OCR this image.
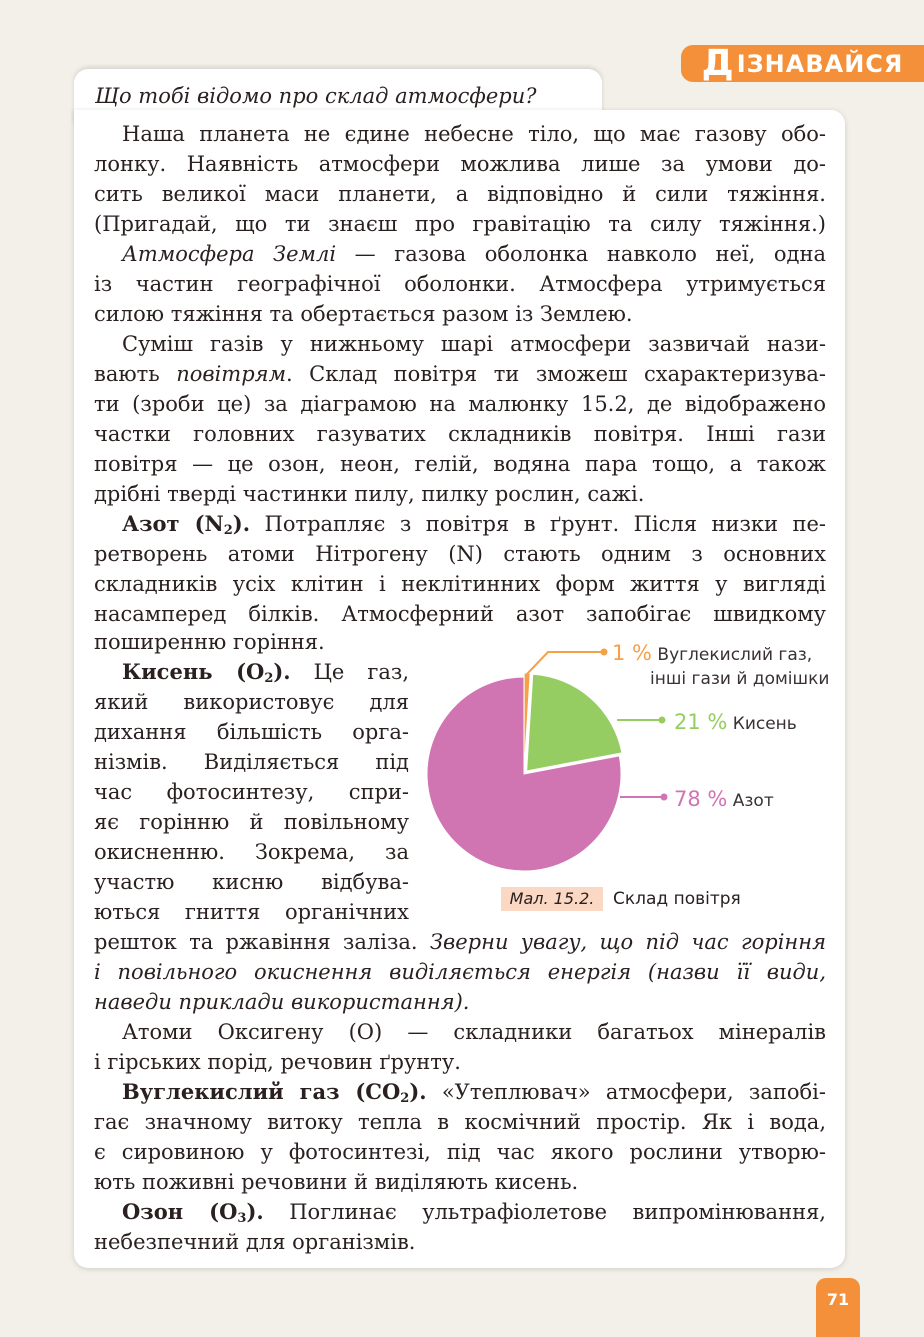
Д ІЗНАВАЙСЯ
Що тобі відомо про склад атмосфери?
Наша планета не єдине небесне тіло, що має газову обо-
лонку. Наявність атмосфери можлива лише за умови до-
сить великої маси планети, а відповідно й сили тяжіння.
(Пригадай, що ти знаєш про гравітацію та силу тяжіння.)
Атмосфера Землі — газова оболонка навколо неї, одна
із частин географічної оболонки. Атмосфера утримується
силою тяжіння та обертається разом із Землею.
Суміш газів у нижньому шарі атмосфери зазвичай нази-
вають повітрям. Склад повітря ти зможеш схарактеризува-
ти (зроби це) за діаграмою на малюнку 15.2, де відображено
частки головних газуватих складників повітря. Інші гази
повітря — це озон, неон, гелій, водяна пара тощо, а також
дрібні тверді частинки пилу, пилку рослин, сажі.
Азот $(N_2)$. Потрапляє з повітря в ґрунт. Після низки пе-
ретворень атоми Нітрогену (N) стають одним з основних
складників усіх клітин і неклітинних форм життя у вигляді
насамперед білків. Атмосферний азот запобігає швидкому
поширенню горіння.
Кисень $(O_2)$. Це газ,
який використовує для
дихання більшість орга-
нізмів. Виділяється під
час фотосинтезу, спри-
яє горінню й повільному
окисненню. Зокрема, за
участю кисню відбува-
ються гниття органічних
решток та ржавіння заліза. Зверни увагу, що під час горіння
і повільного окиснення виділяється енергія (назви її види,
наведи приклади використання).
Атоми Оксигену (O) — складники багатьох мінералів
і гірських порід, речовин ґрунту.
Вуглекислий газ $(CO_2)$. «Утеплювач» атмосфери, запобі-
гає значному витоку тепла в космічний простір. Як і вода,
є сировиною у фотосинтезі, під час якого рослини утворю-
ють поживні речовини й виділяють кисень.
Озон $(O_3)$. Поглинає ультрафіолетове випромінювання,
небезпечний для організмів.
1 % Вуглекислий газ,
інші гази й домішки
21 % Кисень
78 % Азот
Мал. 15.2.	Склад повітря
71
